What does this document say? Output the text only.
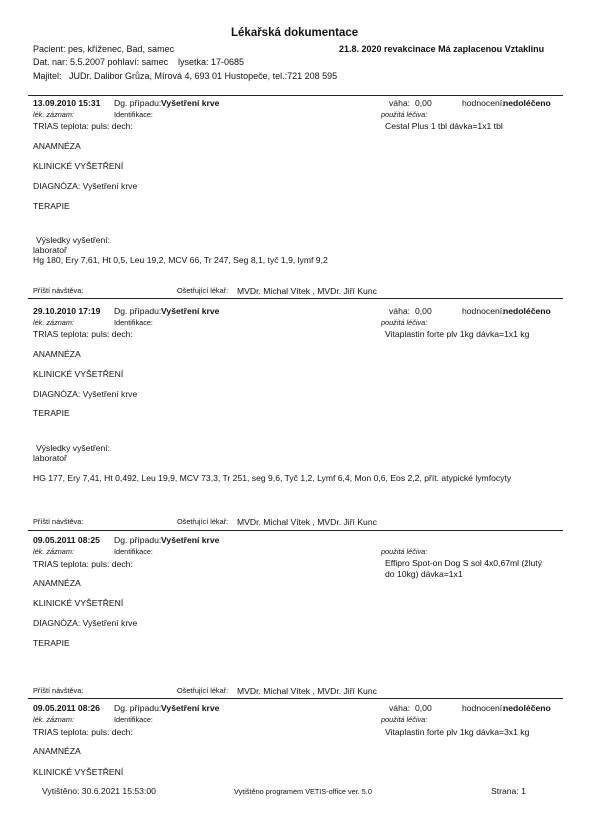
Lékařská dokumentace
Pacient: pes, kříženec, Bad, samec	21.8. 2020 revakcinace Má zaplacenou Vztaklinu
Dat. nar: 5.5.2007 pohlaví: samec lysetka: 17-0685
Majitel: JUDr. Dalibor Grůza, Mírová 4, 693 01 Hustopeče, tel.:721 208 595
13.09.2010 15:31 Dg. případu: Vyšetření krve	váha: 0,00	hodnocení:
nedoléčeno
lék. záznam:	Identifikace:	použitá léčiva:
TRIAS teplota: puls: dech:	Cestal Plus 1 tbl dávka=1x1 tbl
ANAMNÉZA
KLINICKÉ VYŠETŘENÍ
DIAGNÓZA: Vyšetření krve
TERAPIE
Výsledky vyšetření:
laboratoř
Hg 180, Ery 7,61, Ht 0,5, Leu 19,2, MCV 66, Tr 247, Seg 8,1, tyč 1,9, lymf 9,2
Příští návštěva:	Ošetřující lékař: MVDr. Michal Vítek , MVDr. Jiří Kunc
29.10.2010 17:19 Dg. případu: Vyšetření krve	váha: 0,00	hodnocení:
nedoléčeno
lék. záznam:	Identifikace:	použitá léčiva:
TRIAS teplota: puls: dech:	Vitaplastin forte plv 1kg dávka=1x1 kg
ANAMNÉZA
KLINICKÉ VYŠETŘENÍ
DIAGNÓZA: Vyšetření krve
TERAPIE
Výsledky vyšetření:
laboratoř
HG 177, Ery 7,41, Ht 0,492, Leu 19,9, MCV 73,3, Tr 251, seg 9,6, Tyč 1,2, Lymf 6,4, Mon 0,6, Eos 2,2, přít. atypické lymfocyty
Příští návštěva:	Ošetřující lékař: MVDr. Michal Vítek , MVDr. Jiří Kunc
09.05.2011 08:25 Dg. případu: Vyšetření krve
lék. záznam:	Identifikace:	použitá léčiva:
TRIAS teplota: puls: dech:	Effipro Spot-on Dog S sol 4x0,67ml (žlutý do 10kg) dávka=1x1
ANAMNÉZA
KLINICKÉ VYŠETŘENÍ
DIAGNÓZA: Vyšetření krve
TERAPIE
Příští návštěva:	Ošetřující lékař: MVDr. Michal Vítek , MVDr. Jiří Kunc
09.05.2011 08:26 Dg. případu: Vyšetření krve	váha: 0,00	hodnocení:
nedoléčeno
lék. záznam:	Identifikace:	použitá léčiva:
TRIAS teplota: puls: dech:	Vitaplastin forte plv 1kg dávka=3x1 kg
ANAMNÉZA
KLINICKÉ VYŠETŘENÍ
Vytištěno: 30.6.2021 15:53:00	Vytištěno programem VETIS-office ver. 5.0	Strana: 1
